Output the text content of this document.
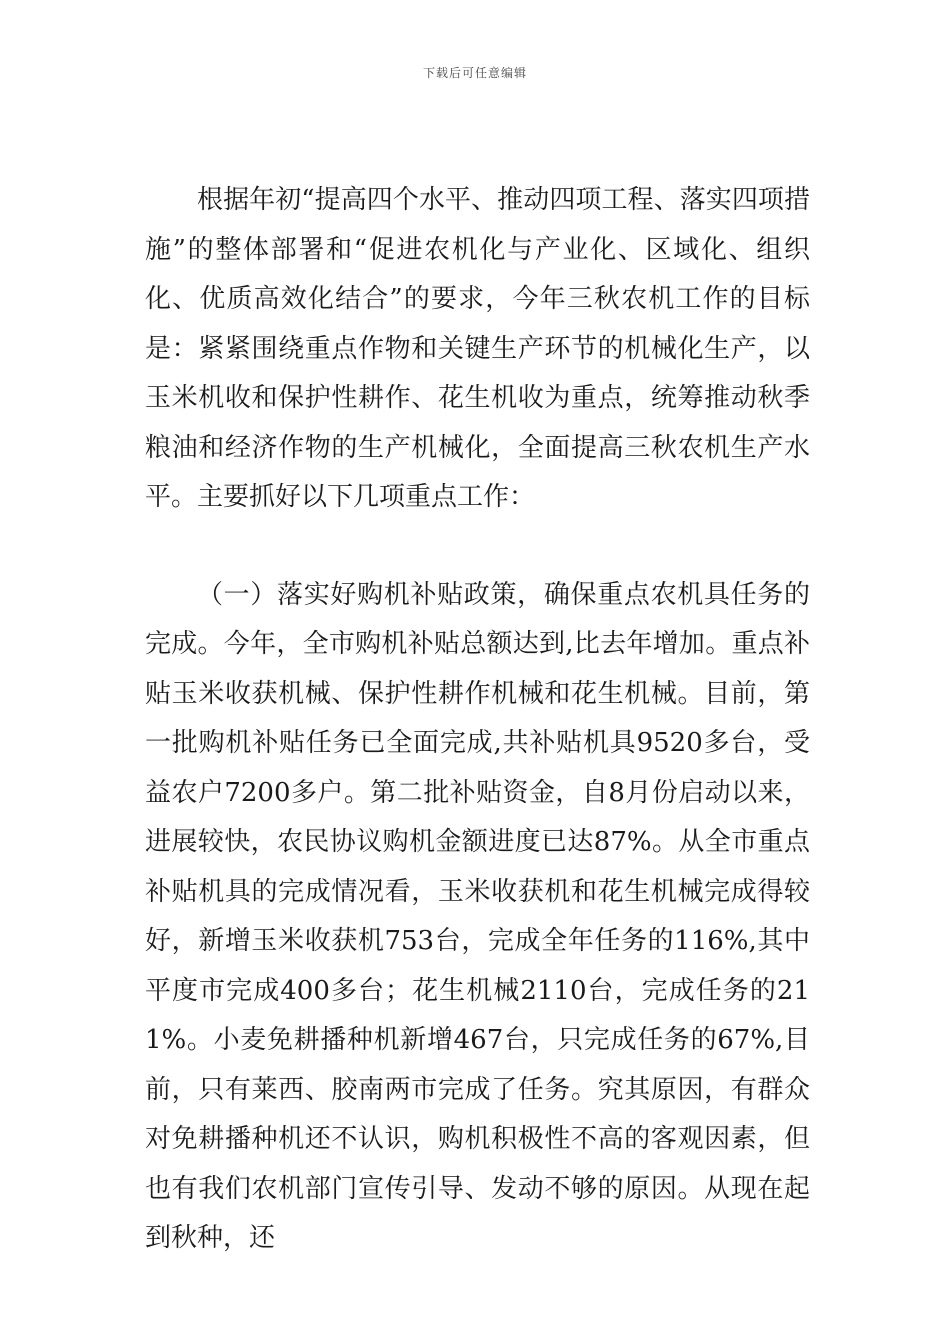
下载后可任意编辑

根据年初“提高四个水平、推动四项工程、落实四项措施”的整体部署和“促进农机化与产业化、区域化、组织化、优质高效化结合”的要求，今年三秋农机工作的目标是：紧紧围绕重点作物和关键生产环节的机械化生产，以玉米机收和保护性耕作、花生机收为重点，统筹推动秋季粮油和经济作物的生产机械化，全面提高三秋农机生产水平。主要抓好以下几项重点工作：

（一）落实好购机补贴政策，确保重点农机具任务的完成。今年，全市购机补贴总额达到,比去年增加。重点补贴玉米收获机械、保护性耕作机械和花生机械。目前，第一批购机补贴任务已全面完成,共补贴机具9520多台，受益农户7200多户。第二批补贴资金，自8月份启动以来，进展较快，农民协议购机金额进度已达87%。从全市重点补贴机具的完成情况看，玉米收获机和花生机械完成得较好，新增玉米收获机753台，完成全年任务的116%,其中平度市完成400多台；花生机械2110台，完成任务的211%。小麦免耕播种机新增467台，只完成任务的67%,目前，只有莱西、胶南两市完成了任务。究其原因，有群众对免耕播种机还不认识，购机积极性不高的客观因素，但也有我们农机部门宣传引导、发动不够的原因。从现在起到秋种，还
